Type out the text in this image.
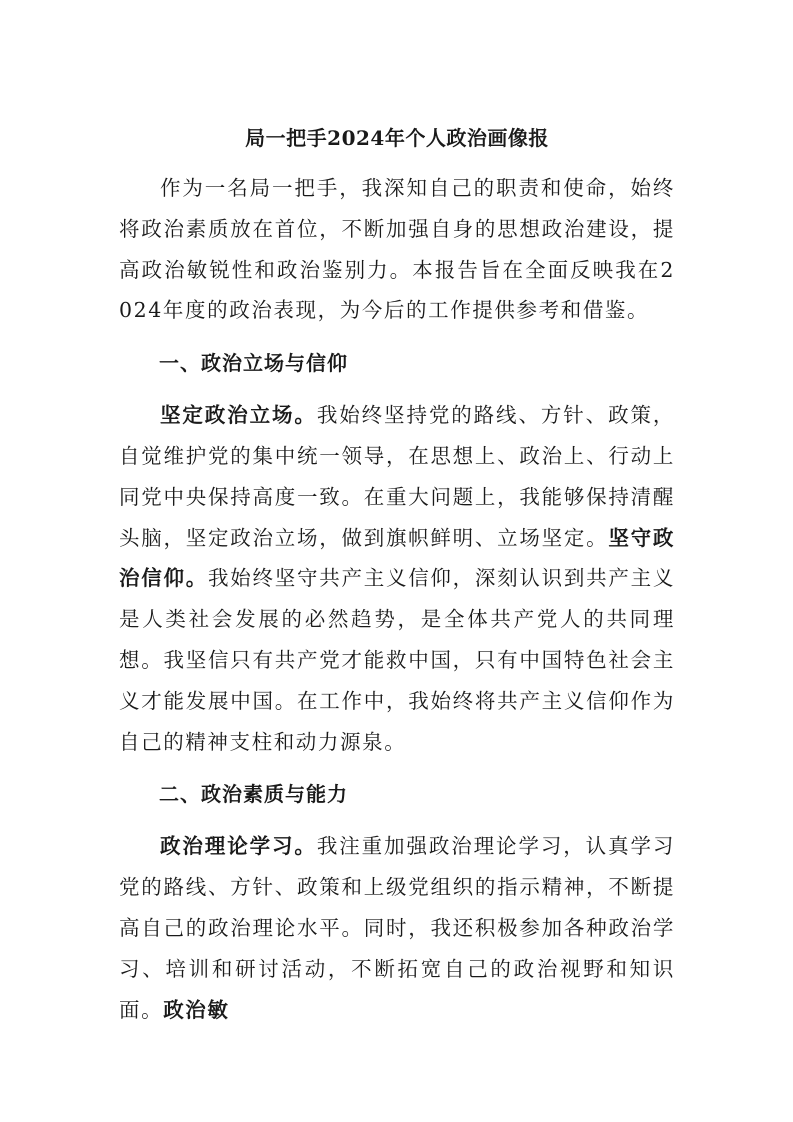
局一把手2024年个人政治画像报

作为一名局一把手，我深知自己的职责和使命，始终将政治素质放在首位，不断加强自身的思想政治建设，提高政治敏锐性和政治鉴别力。本报告旨在全面反映我在2024年度的政治表现，为今后的工作提供参考和借鉴。

一、政治立场与信仰

坚定政治立场。我始终坚持党的路线、方针、政策，自觉维护党的集中统一领导，在思想上、政治上、行动上同党中央保持高度一致。在重大问题上，我能够保持清醒头脑，坚定政治立场，做到旗帜鲜明、立场坚定。坚守政治信仰。我始终坚守共产主义信仰，深刻认识到共产主义是人类社会发展的必然趋势，是全体共产党人的共同理想。我坚信只有共产党才能救中国，只有中国特色社会主义才能发展中国。在工作中，我始终将共产主义信仰作为自己的精神支柱和动力源泉。

二、政治素质与能力

政治理论学习。我注重加强政治理论学习，认真学习党的路线、方针、政策和上级党组织的指示精神，不断提高自己的政治理论水平。同时，我还积极参加各种政治学习、培训和研讨活动，不断拓宽自己的政治视野和知识面。政治敏
